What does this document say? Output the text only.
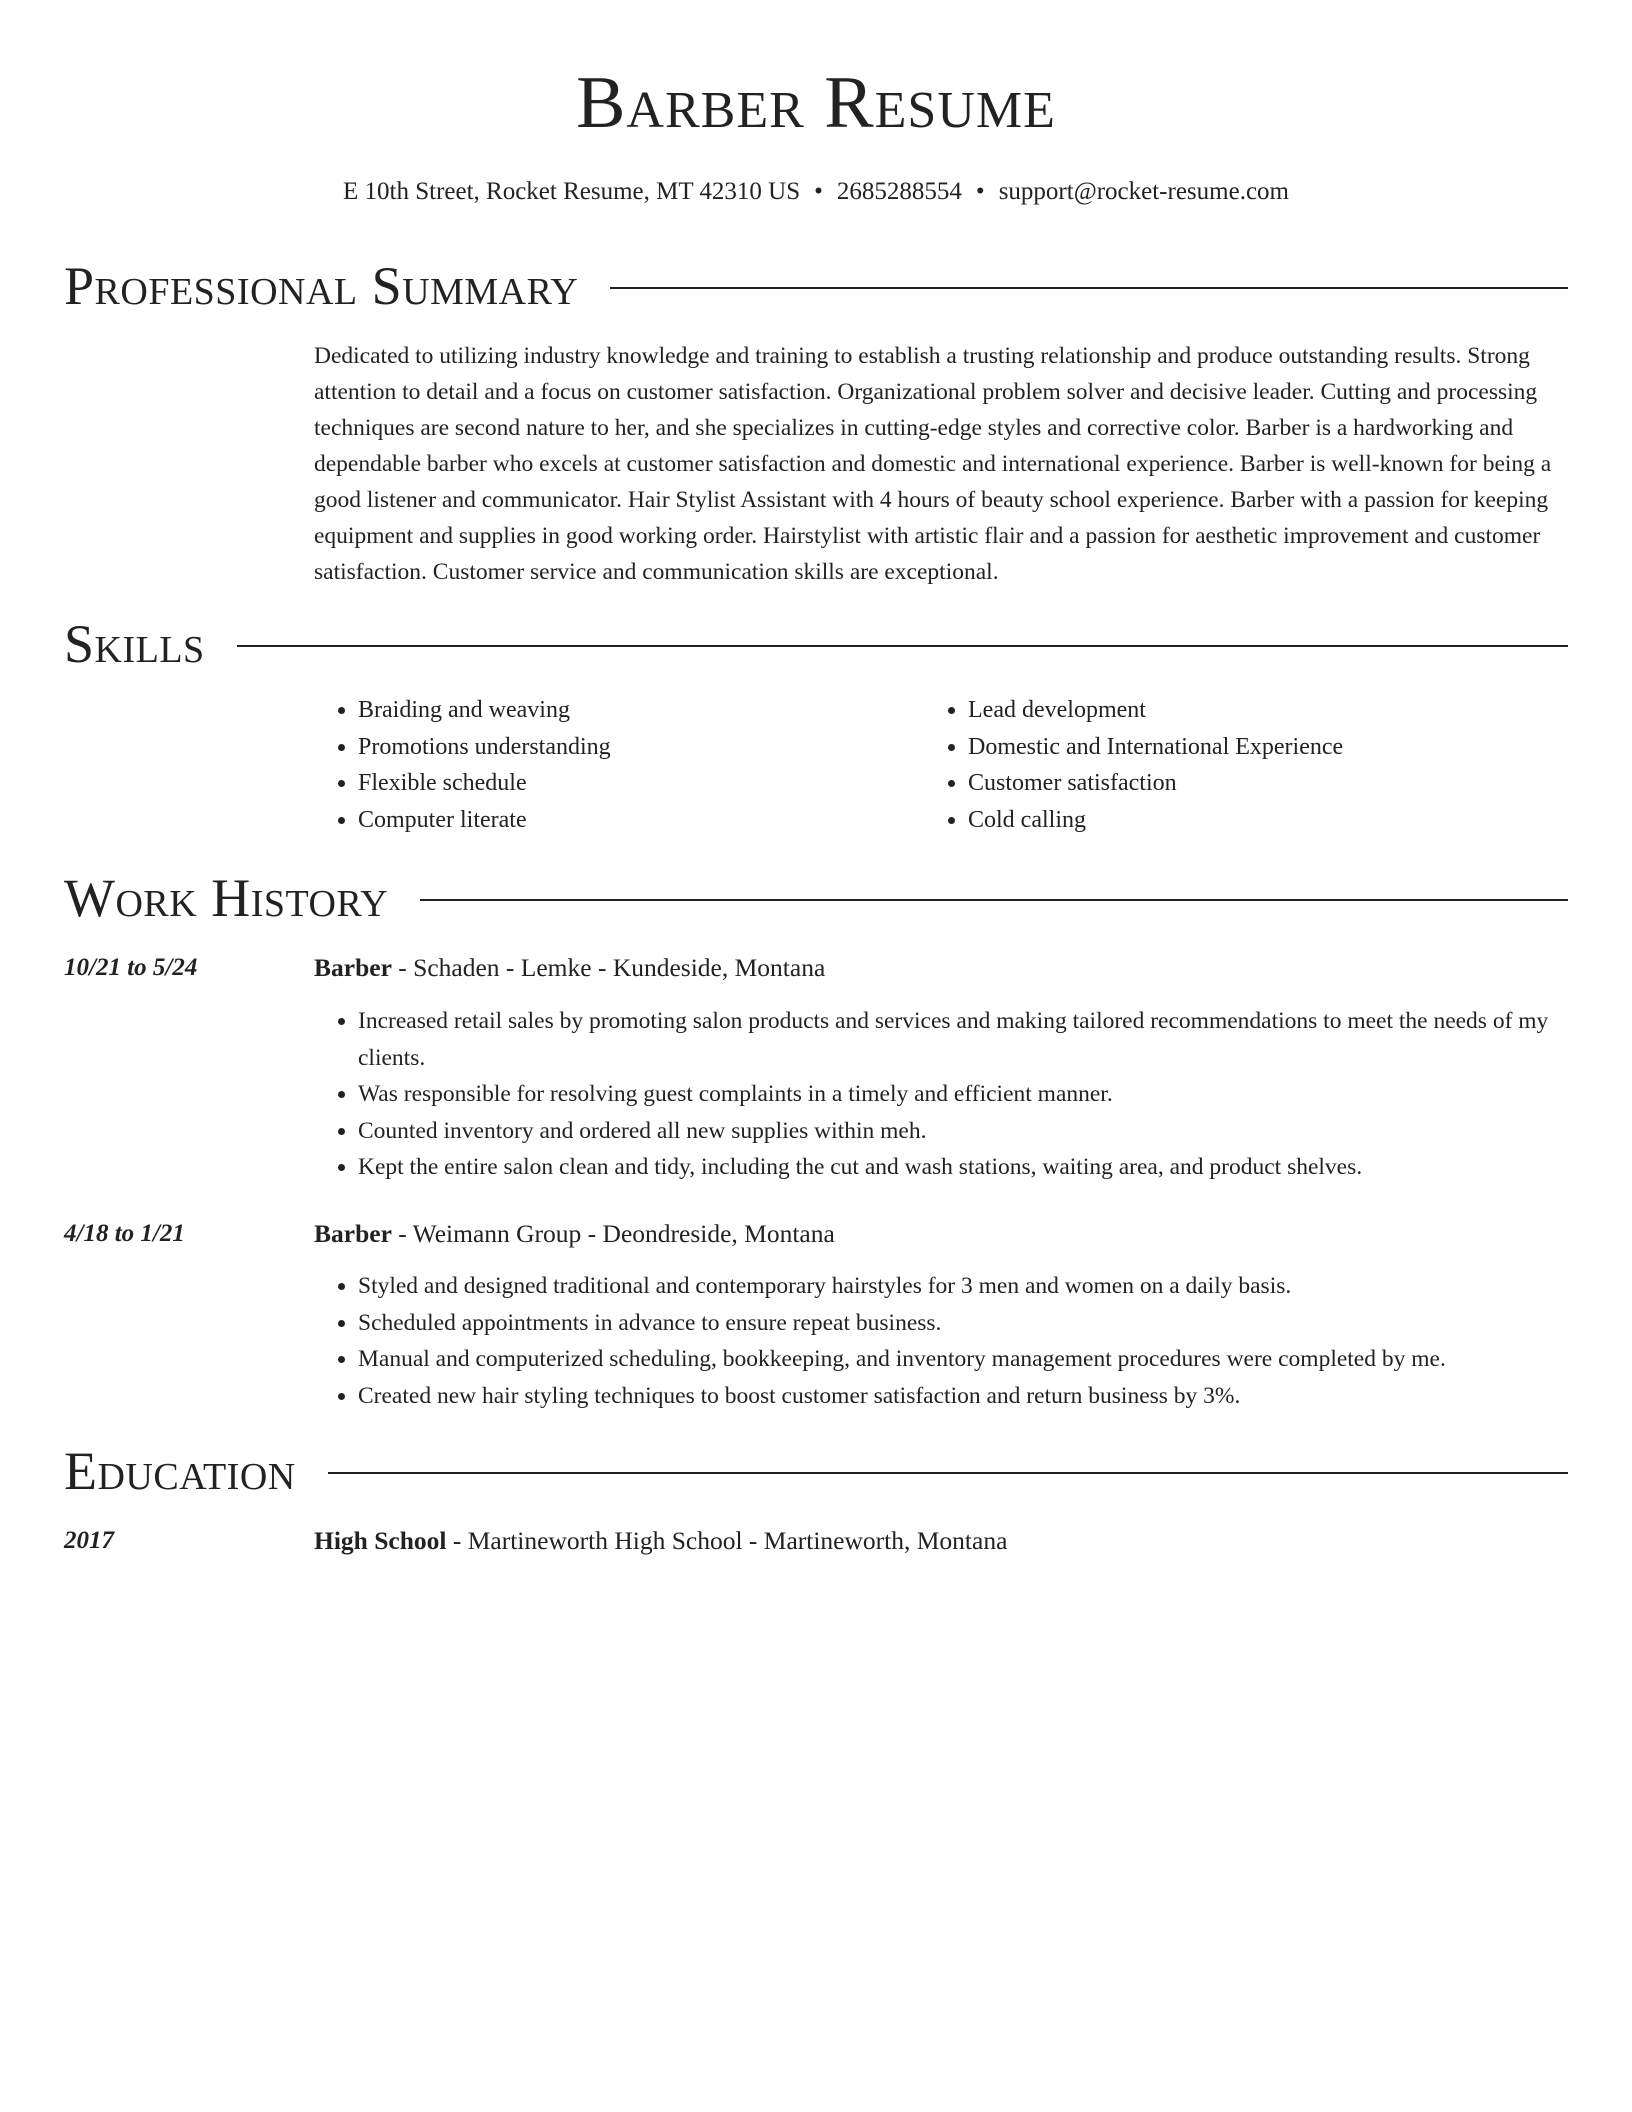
Barber Resume
E 10th Street, Rocket Resume, MT 42310 US • 2685288554 • support@rocket-resume.com
Professional Summary

Dedicated to utilizing industry knowledge and training to establish a trusting relationship and produce outstanding results. Strong attention to detail and a focus on customer satisfaction. Organizational problem solver and decisive leader. Cutting and processing techniques are second nature to her, and she specializes in cutting-edge styles and corrective color. Barber is a hardworking and dependable barber who excels at customer satisfaction and domestic and international experience. Barber is well-known for being a good listener and communicator. Hair Stylist Assistant with 4 hours of beauty school experience. Barber with a passion for keeping equipment and supplies in good working order. Hairstylist with artistic flair and a passion for aesthetic improvement and customer satisfaction. Customer service and communication skills are exceptional.

Skills
• Braiding and weaving
• Promotions understanding
• Flexible schedule
• Computer literate
• Lead development
• Domestic and International Experience
• Customer satisfaction
• Cold calling
Work History
10/21 to 5/24	Barber - Schaden - Lemke - Kundeside, Montana
• Increased retail sales by promoting salon products and services and making tailored recommendations to meet the needs of my clients.
• Was responsible for resolving guest complaints in a timely and efficient manner.
• Counted inventory and ordered all new supplies within meh.
• Kept the entire salon clean and tidy, including the cut and wash stations, waiting area, and product shelves.
4/18 to 1/21	Barber - Weimann Group - Deondreside, Montana
• Styled and designed traditional and contemporary hairstyles for 3 men and women on a daily basis.
• Scheduled appointments in advance to ensure repeat business.
• Manual and computerized scheduling, bookkeeping, and inventory management procedures were completed by me.
• Created new hair styling techniques to boost customer satisfaction and return business by 3%.
Education
2017	High School - Martineworth High School - Martineworth, Montana
